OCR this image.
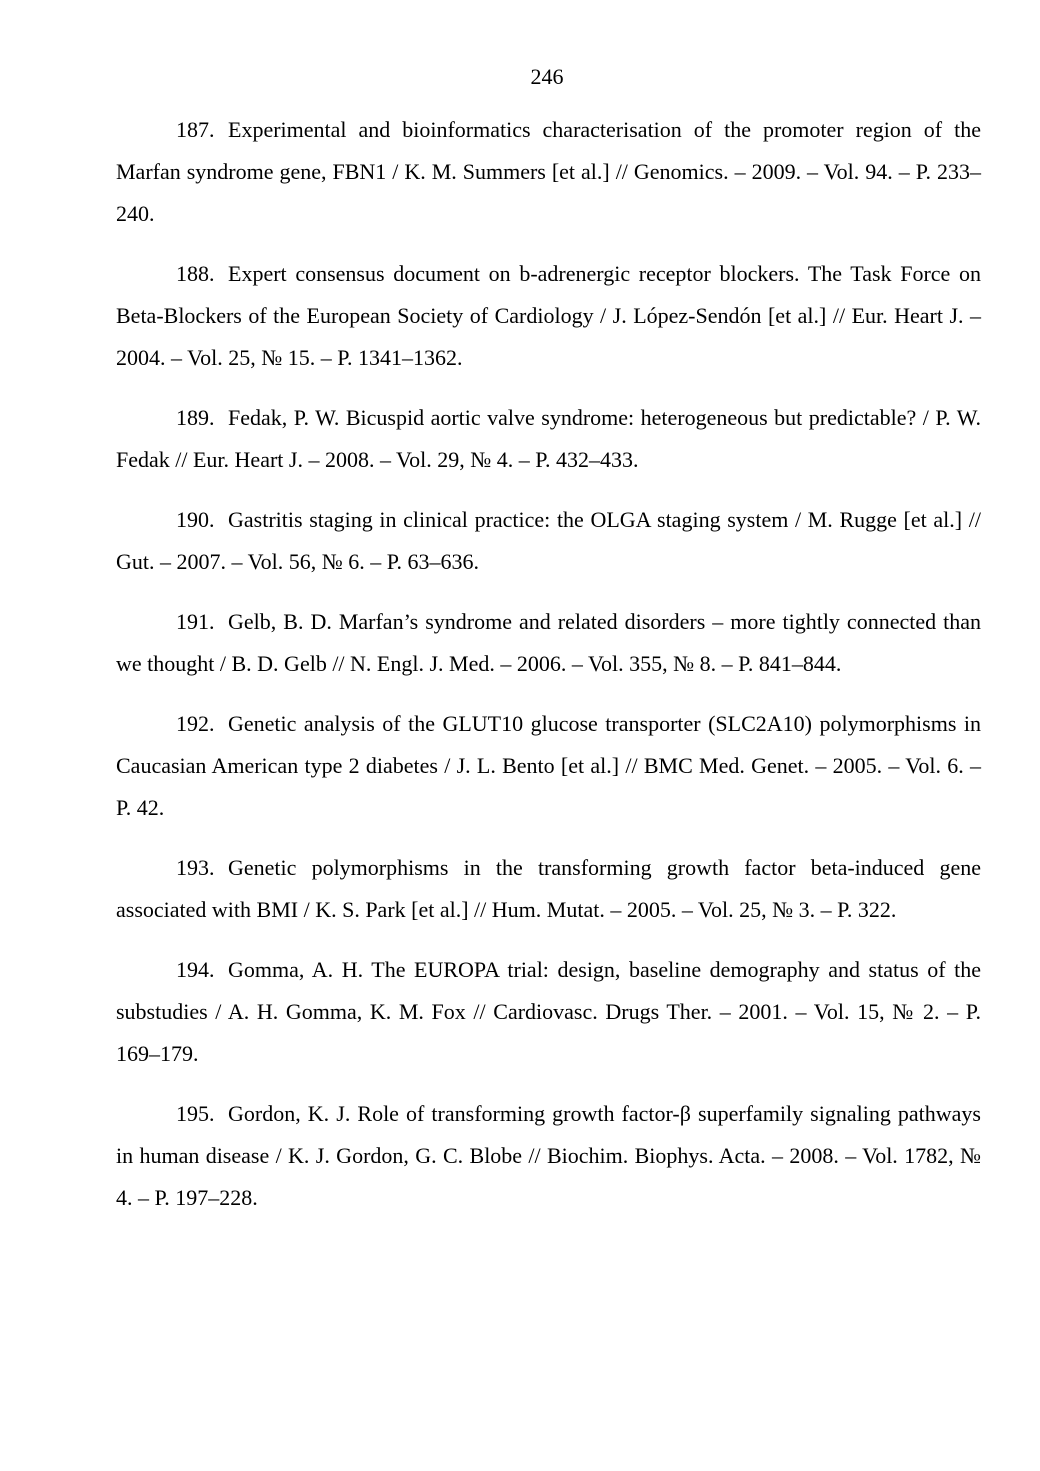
246

187. Experimental and bioinformatics characterisation of the promoter region of the Marfan syndrome gene, FBN1 / K. M. Summers [et al.] // Genomics. – 2009. – Vol. 94. – P. 233–240.

188. Expert consensus document on b-adrenergic receptor blockers. The Task Force on Beta-Blockers of the European Society of Cardiology / J. López-Sendón [et al.] // Eur. Heart J. – 2004. – Vol. 25, № 15. – P. 1341–1362.

189. Fedak, P. W. Bicuspid aortic valve syndrome: heterogeneous but predictable? / P. W. Fedak // Eur. Heart J. – 2008. – Vol. 29, № 4. – P. 432–433.

190. Gastritis staging in clinical practice: the OLGA staging system / M. Rugge [et al.] // Gut. – 2007. – Vol. 56, № 6. – P. 63–636.

191. Gelb, B. D. Marfan’s syndrome and related disorders – more tightly connected than we thought / B. D. Gelb // N. Engl. J. Med. – 2006. – Vol. 355, № 8. – P. 841–844.

192. Genetic analysis of the GLUT10 glucose transporter (SLC2A10) polymorphisms in Caucasian American type 2 diabetes / J. L. Bento [et al.] // BMC Med. Genet. – 2005. – Vol. 6. – P. 42.

193. Genetic polymorphisms in the transforming growth factor beta-induced gene associated with BMI / K. S. Park [et al.] // Hum. Mutat. – 2005. – Vol. 25, № 3. – P. 322.

194. Gomma, A. H. The EUROPA trial: design, baseline demography and status of the substudies / A. H. Gomma, K. M. Fox // Cardiovasc. Drugs Ther. – 2001. – Vol. 15, № 2. – P. 169–179.

195. Gordon, K. J. Role of transforming growth factor-β superfamily signaling pathways in human disease / K. J. Gordon, G. C. Blobe // Biochim. Biophys. Acta. – 2008. – Vol. 1782, № 4. – P. 197–228.
